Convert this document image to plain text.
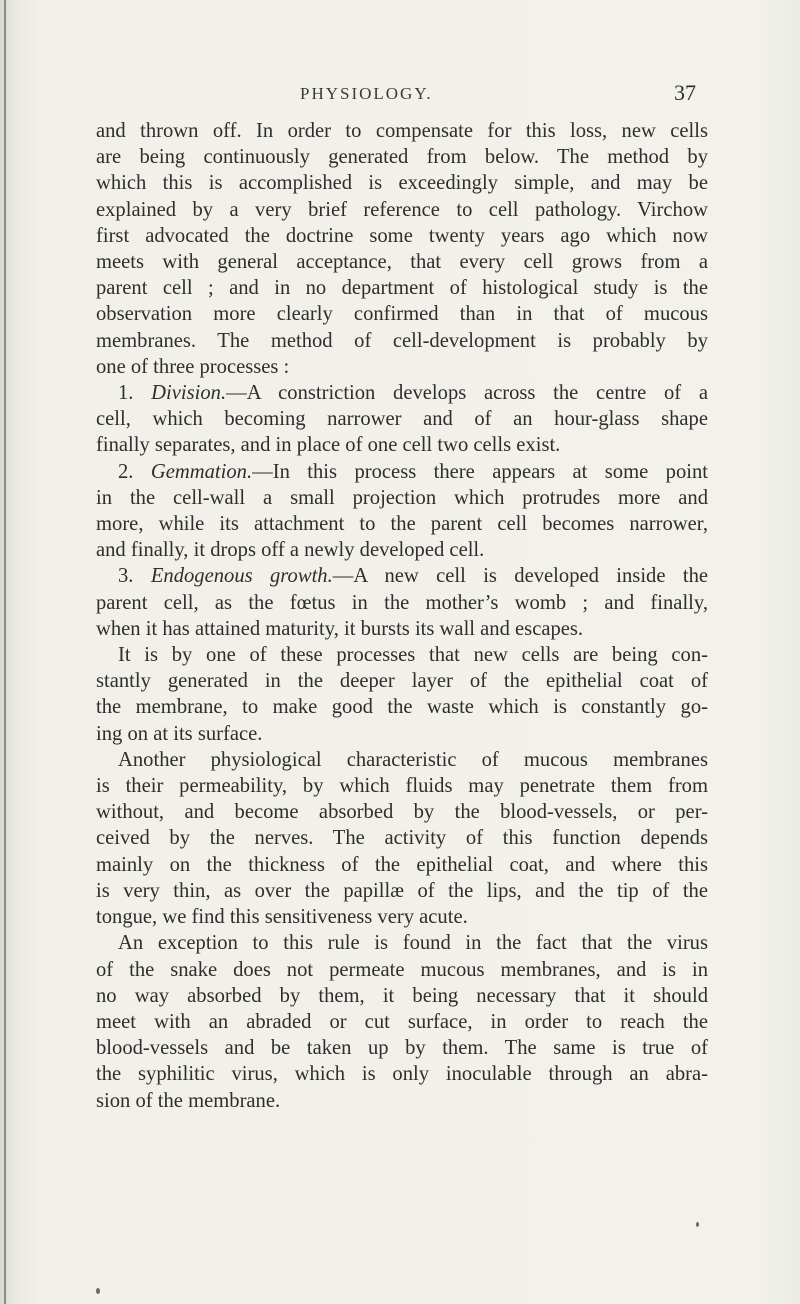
PHYSIOLOGY.	37
and thrown off. In order to compensate for this loss, new cells
are being continuously generated from below. The method by
which this is accomplished is exceedingly simple, and may be
explained by a very brief reference to cell pathology. Virchow
first advocated the doctrine some twenty years ago which now
meets with general acceptance, that every cell grows from a
parent cell ; and in no department of histological study is the
observation more clearly confirmed than in that of mucous
membranes. The method of cell-development is probably by
one of three processes :
1. Division.—A constriction develops across the centre of a
cell, which becoming narrower and of an hour-glass shape
finally separates, and in place of one cell two cells exist.
2. Gemmation.—In this process there appears at some point
in the cell-wall a small projection which protrudes more and
more, while its attachment to the parent cell becomes narrower,
and finally, it drops off a newly developed cell.
3. Endogenous growth.—A new cell is developed inside the
parent cell, as the fœtus in the mother’s womb ; and finally,
when it has attained maturity, it bursts its wall and escapes.
It is by one of these processes that new cells are being con-
stantly generated in the deeper layer of the epithelial coat of
the membrane, to make good the waste which is constantly go-
ing on at its surface.
Another physiological characteristic of mucous membranes
is their permeability, by which fluids may penetrate them from
without, and become absorbed by the blood-vessels, or per-
ceived by the nerves. The activity of this function depends
mainly on the thickness of the epithelial coat, and where this
is very thin, as over the papillæ of the lips, and the tip of the
tongue, we find this sensitiveness very acute.
An exception to this rule is found in the fact that the virus
of the snake does not permeate mucous membranes, and is in
no way absorbed by them, it being necessary that it should
meet with an abraded or cut surface, in order to reach the
blood-vessels and be taken up by them. The same is true of
the syphilitic virus, which is only inoculable through an abra-
sion of the membrane.
